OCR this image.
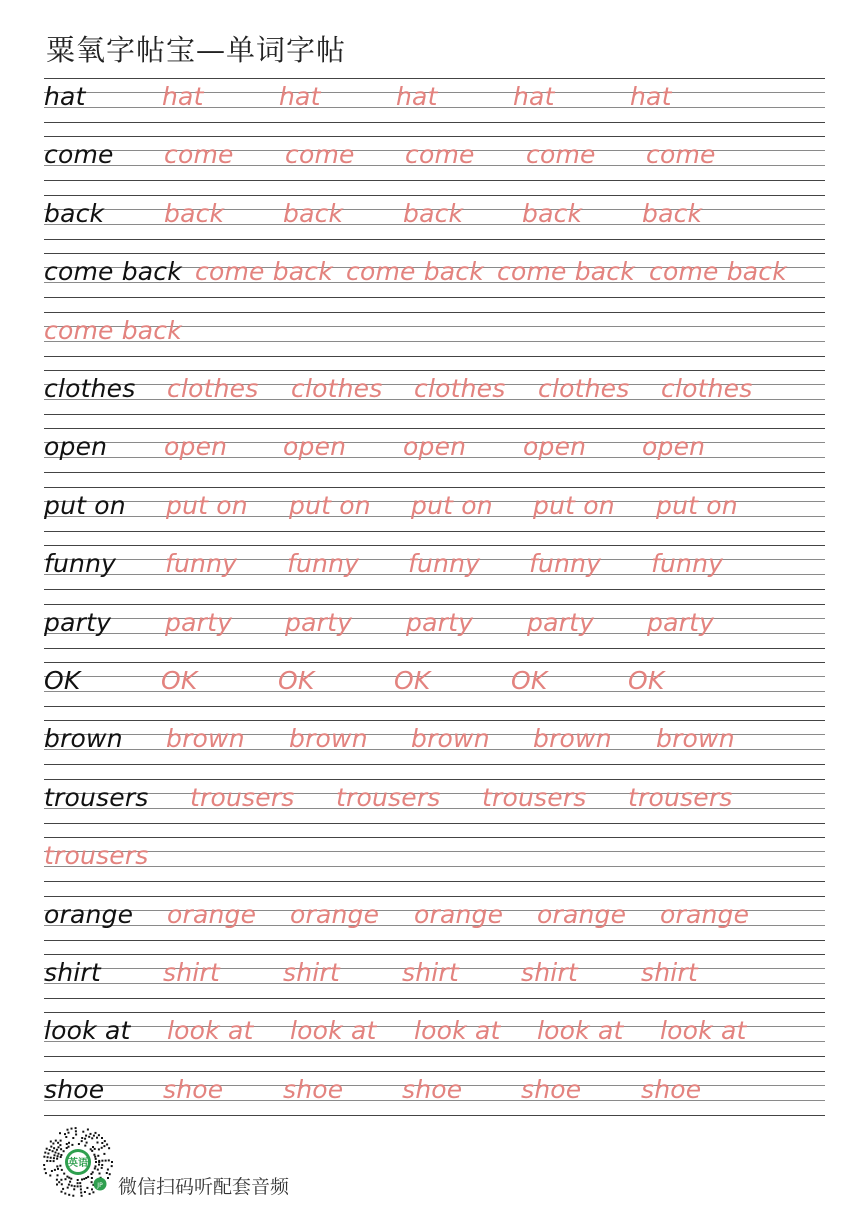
粟氧字帖宝—单词字帖
hat	hat	hat	hat	hat	hat
come come come come come come
back back back back back back
come back come back come back come back come back
come back
clothes clothes clothes clothes clothes clothes
open open open open open open
put on put on put on put on put on put on
funny funny funny funny funny funny
party party party party party party
OK	OK	OK	OK	OK	OK
brown brown brown brown brown brown
trousers trousers trousers trousers trousers
trousers
orange orange orange orange orange orange
shirt shirt	shirt shirt shirt	shirt
look at look at look at look at look at look at
shoe shoe shoe shoe shoe shoe
英语
JP 微信扫码听配套音频
